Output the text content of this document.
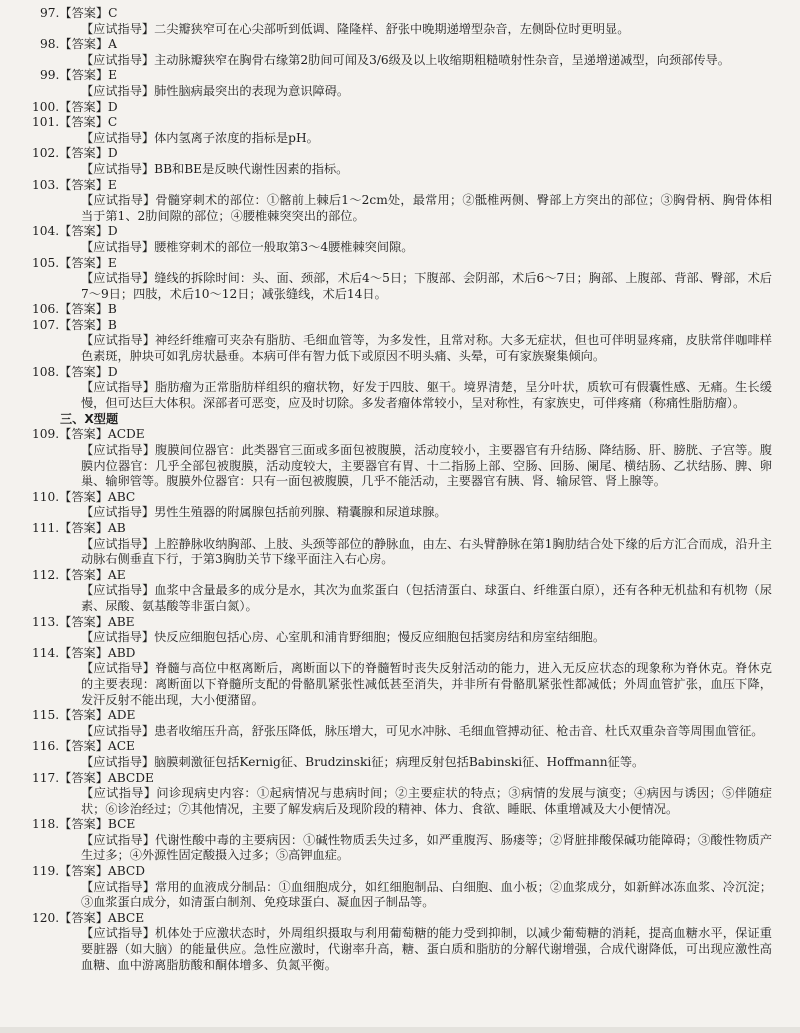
97.【答案】C
【应试指导】二尖瓣狭窄可在心尖部听到低调、隆隆样、舒张中晚期递增型杂音，左侧卧位时更明显。
98.【答案】A
【应试指导】主动脉瓣狭窄在胸骨右缘第2肋间可闻及3/6级及以上收缩期粗糙喷射性杂音，呈递增递减型，向颈部传导。
99.【答案】E
【应试指导】肺性脑病最突出的表现为意识障碍。
100.【答案】D
101.【答案】C
【应试指导】体内氢离子浓度的指标是pH。
102.【答案】D
【应试指导】BB和BE是反映代谢性因素的指标。
103.【答案】E
【应试指导】骨髓穿刺术的部位：①髂前上棘后1～2cm处，最常用；②骶椎两侧、臀部上方突出的部位；③胸骨柄、胸骨体相当于第1、2肋间隙的部位；④腰椎棘突突出的部位。
104.【答案】D
【应试指导】腰椎穿刺术的部位一般取第3～4腰椎棘突间隙。
105.【答案】E
【应试指导】缝线的拆除时间：头、面、颈部，术后4～5日；下腹部、会阴部，术后6～7日；胸部、上腹部、背部、臀部，术后7～9日；四肢，术后10～12日；减张缝线，术后14日。
106.【答案】B
107.【答案】B
【应试指导】神经纤维瘤可夹杂有脂肪、毛细血管等，为多发性，且常对称。大多无症状，但也可伴明显疼痛，皮肤常伴咖啡样色素斑，肿块可如乳房状悬垂。本病可伴有智力低下或原因不明头痛、头晕，可有家族聚集倾向。
108.【答案】D
【应试指导】脂肪瘤为正常脂肪样组织的瘤状物，好发于四肢、躯干。境界清楚，呈分叶状，质软可有假囊性感、无痛。生长缓慢，但可达巨大体积。深部者可恶变，应及时切除。多发者瘤体常较小，呈对称性，有家族史，可伴疼痛（称痛性脂肪瘤）。
三、X型题
109.【答案】ACDE
【应试指导】腹膜间位器官：此类器官三面或多面包被腹膜，活动度较小，主要器官有升结肠、降结肠、肝、膀胱、子宫等。腹膜内位器官：几乎全部包被腹膜，活动度较大，主要器官有胃、十二指肠上部、空肠、回肠、阑尾、横结肠、乙状结肠、脾、卵巢、输卵管等。腹膜外位器官：只有一面包被腹膜，几乎不能活动，主要器官有胰、肾、输尿管、肾上腺等。
110.【答案】ABC
【应试指导】男性生殖器的附属腺包括前列腺、精囊腺和尿道球腺。
111.【答案】AB
【应试指导】上腔静脉收纳胸部、上肢、头颈等部位的静脉血，由左、右头臂静脉在第1胸肋结合处下缘的后方汇合而成，沿升主动脉右侧垂直下行，于第3胸肋关节下缘平面注入右心房。
112.【答案】AE
【应试指导】血浆中含量最多的成分是水，其次为血浆蛋白（包括清蛋白、球蛋白、纤维蛋白原），还有各种无机盐和有机物（尿素、尿酸、氨基酸等非蛋白氮）。
113.【答案】ABE
【应试指导】快反应细胞包括心房、心室肌和浦肯野细胞；慢反应细胞包括窦房结和房室结细胞。
114.【答案】ABD
【应试指导】脊髓与高位中枢离断后，离断面以下的脊髓暂时丧失反射活动的能力，进入无反应状态的现象称为脊休克。脊休克的主要表现：离断面以下脊髓所支配的骨骼肌紧张性减低甚至消失，并非所有骨骼肌紧张性都减低；外周血管扩张，血压下降，发汗反射不能出现，大小便潴留。
115.【答案】ADE
【应试指导】患者收缩压升高，舒张压降低，脉压增大，可见水冲脉、毛细血管搏动征、枪击音、杜氏双重杂音等周围血管征。
116.【答案】ACE
【应试指导】脑膜刺激征包括Kernig征、Brudzinski征；病理反射包括Babinski征、Hoffmann征等。
117.【答案】ABCDE
【应试指导】问诊现病史内容：①起病情况与患病时间；②主要症状的特点；③病情的发展与演变；④病因与诱因；⑤伴随症状；⑥诊治经过；⑦其他情况，主要了解发病后及现阶段的精神、体力、食欲、睡眠、体重增减及大小便情况。
118.【答案】BCE
【应试指导】代谢性酸中毒的主要病因：①碱性物质丢失过多，如严重腹泻、肠瘘等；②肾脏排酸保碱功能障碍；③酸性物质产生过多；④外源性固定酸摄入过多；⑤高钾血症。
119.【答案】ABCD
【应试指导】常用的血液成分制品：①血细胞成分，如红细胞制品、白细胞、血小板；②血浆成分，如新鲜冰冻血浆、冷沉淀；③血浆蛋白成分，如清蛋白制剂、免疫球蛋白、凝血因子制品等。
120.【答案】ABCE
【应试指导】机体处于应激状态时，外周组织摄取与利用葡萄糖的能力受到抑制，以减少葡萄糖的消耗，提高血糖水平，保证重要脏器（如大脑）的能量供应。急性应激时，代谢率升高，糖、蛋白质和脂肪的分解代谢增强，合成代谢降低，可出现应激性高血糖、血中游离脂肪酸和酮体增多、负氮平衡。
